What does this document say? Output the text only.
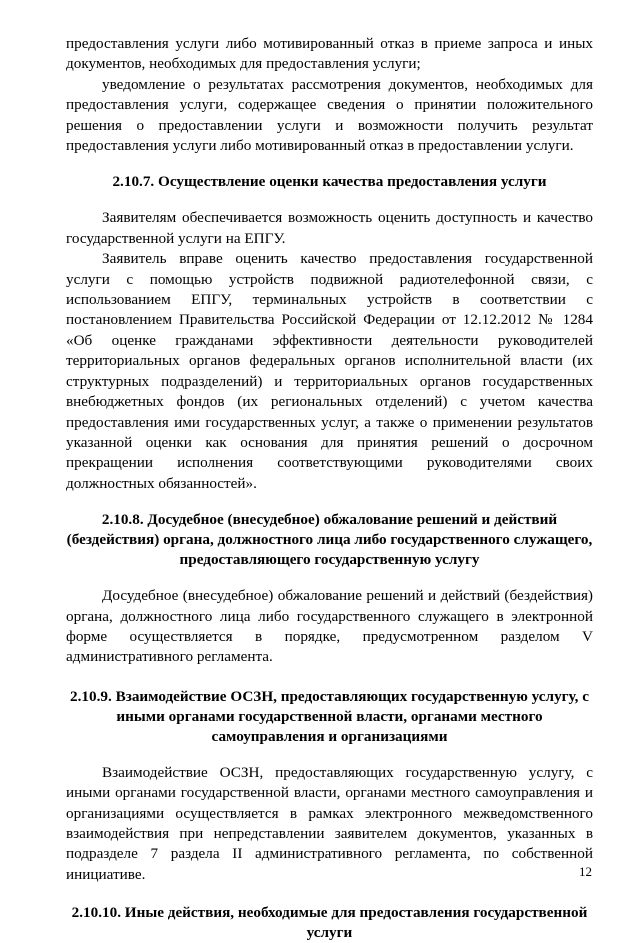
предоставления услуги либо мотивированный отказ в приеме запроса и иных документов, необходимых для предоставления услуги;

уведомление о результатах рассмотрения документов, необходимых для предоставления услуги, содержащее сведения о принятии положительного решения о предоставлении услуги и возможности получить результат предоставления услуги либо мотивированный отказ в предоставлении услуги.

2.10.7. Осуществление оценки качества предоставления услуги

Заявителям обеспечивается возможность оценить доступность и качество государственной услуги на ЕПГУ.

Заявитель вправе оценить качество предоставления государственной услуги с помощью устройств подвижной радиотелефонной связи, с использованием ЕПГУ, терминальных устройств в соответствии с постановлением Правительства Российской Федерации от 12.12.2012 № 1284 «Об оценке гражданами эффективности деятельности руководителей территориальных органов федеральных органов исполнительной власти (их структурных подразделений) и территориальных органов государственных внебюджетных фондов (их региональных отделений) с учетом качества предоставления ими государственных услуг, а также о применении результатов указанной оценки как основания для принятия решений о досрочном прекращении исполнения соответствующими руководителями своих должностных обязанностей».

2.10.8. Досудебное (внесудебное) обжалование решений и действий (бездействия) органа, должностного лица либо государственного служащего, предоставляющего государственную услугу

Досудебное (внесудебное) обжалование решений и действий (бездействия) органа, должностного лица либо государственного служащего в электронной форме осуществляется в порядке, предусмотренном разделом V административного регламента.

2.10.9. Взаимодействие ОСЗН, предоставляющих государственную услугу, с иными органами государственной власти, органами местного самоуправления и организациями

Взаимодействие ОСЗН, предоставляющих государственную услугу, с иными органами государственной власти, органами местного самоуправления и организациями осуществляется в рамках электронного межведомственного взаимодействия при непредставлении заявителем документов, указанных в подразделе 7 раздела II административного регламента, по собственной инициативе.

2.10.10. Иные действия, необходимые для предоставления государственной услуги
12
